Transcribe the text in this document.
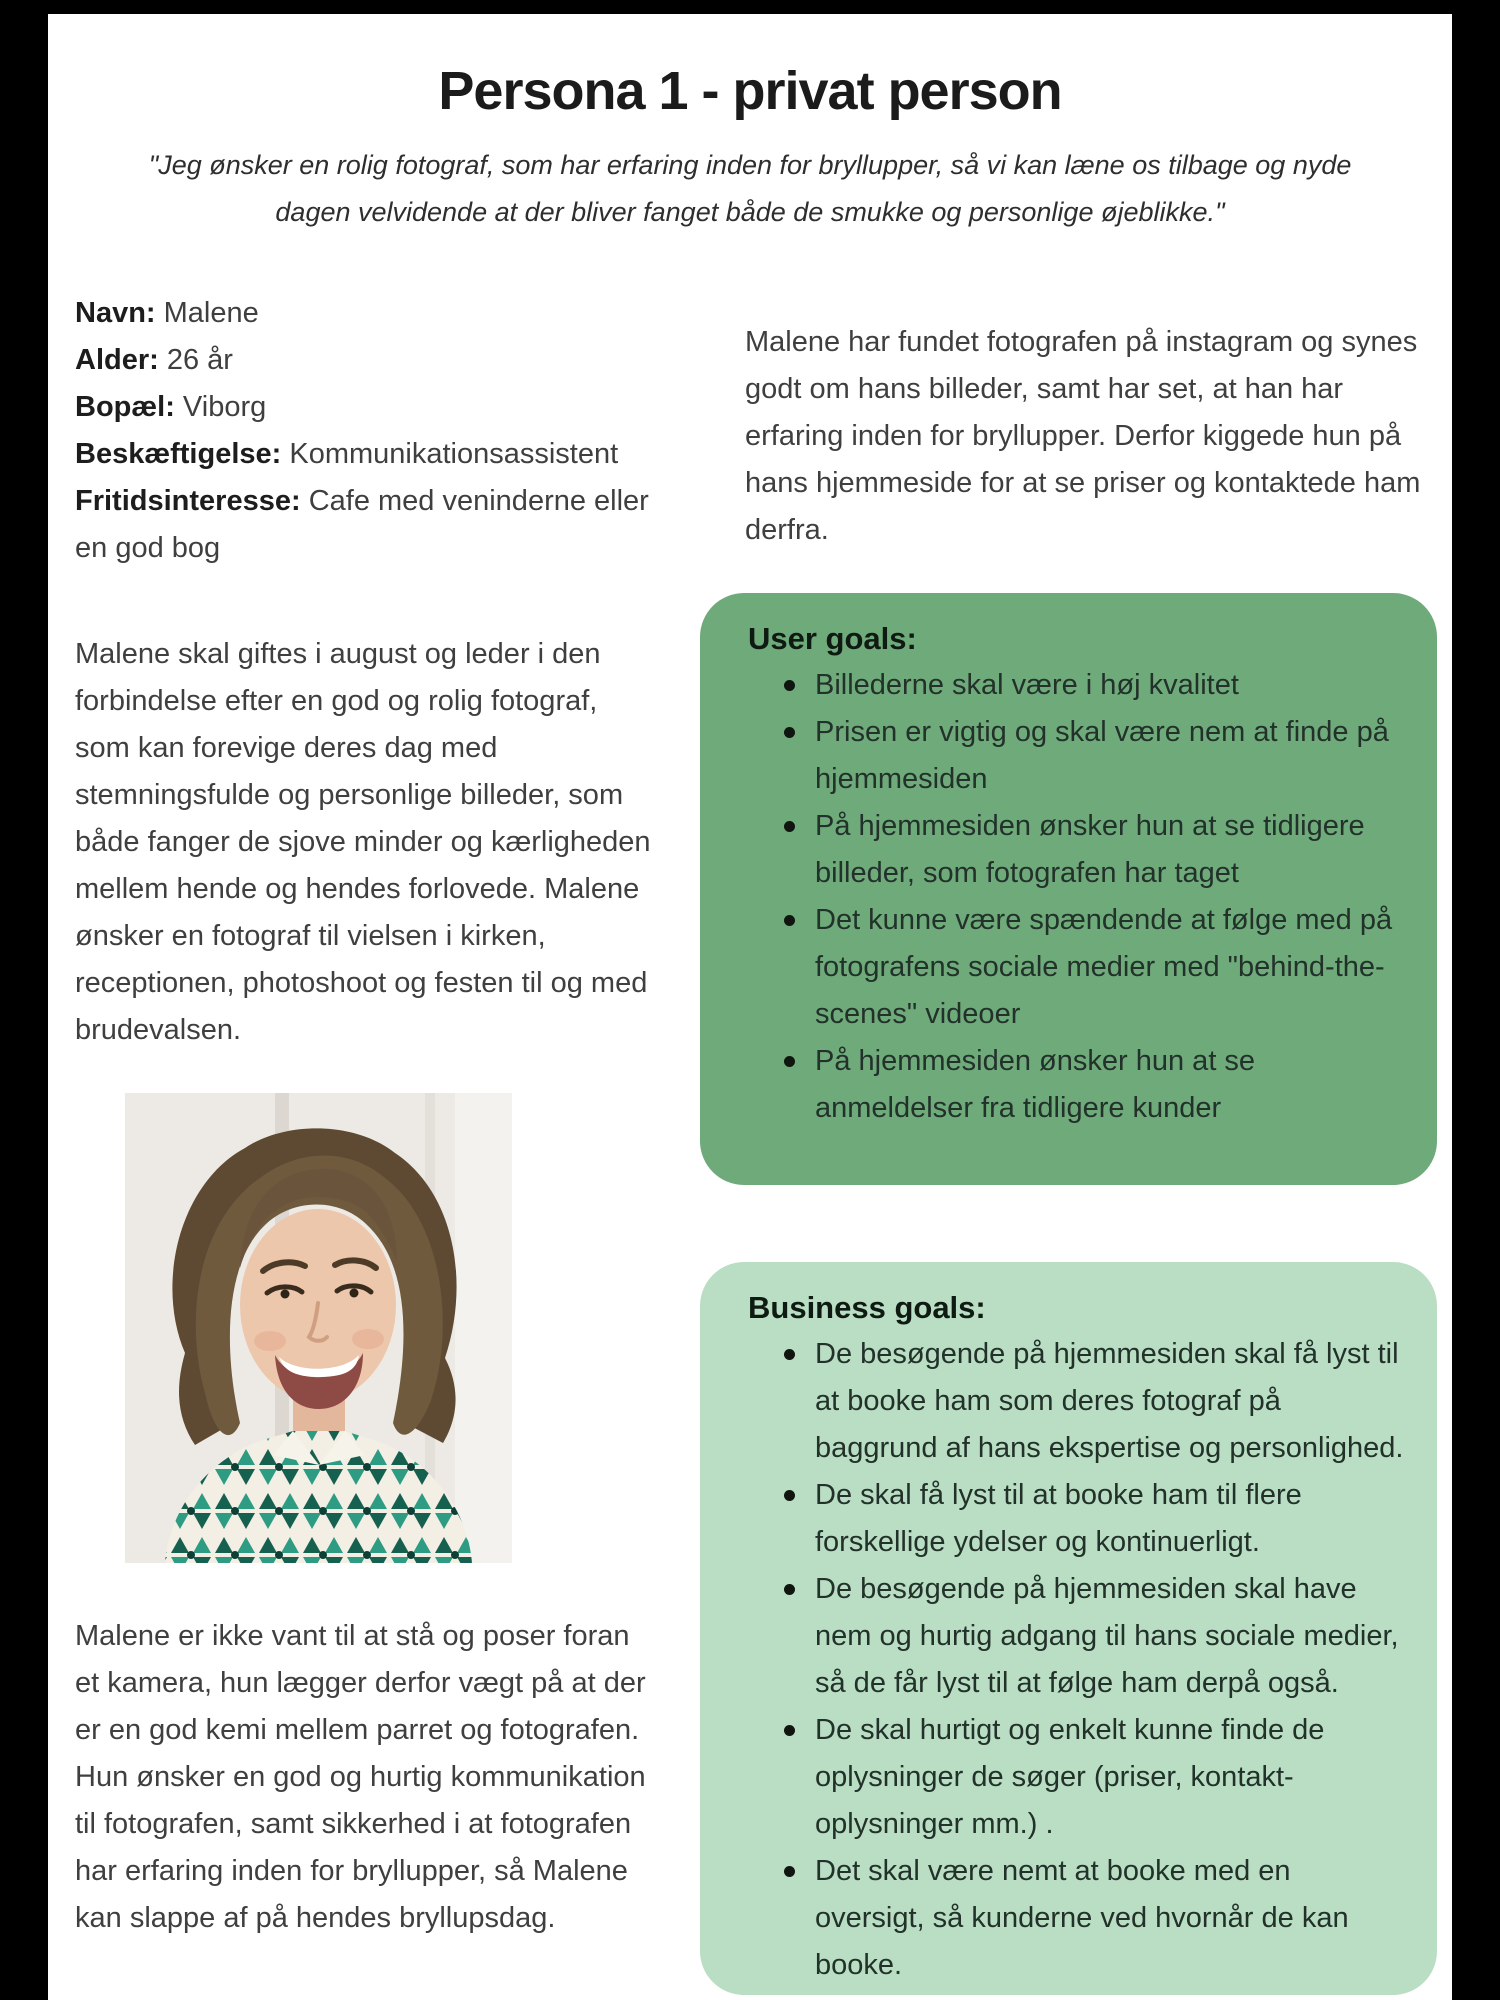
Persona 1 - privat person
"Jeg ønsker en rolig fotograf, som har erfaring inden for bryllupper, så vi kan læne os tilbage og nyde
dagen velvidende at der bliver fanget både de smukke og personlige øjeblikke."
Navn: Malene
Alder: 26 år
Bopæl: Viborg
Beskæftigelse: Kommunikationsassistent
Fritidsinteresse: Cafe med veninderne eller en god bog

Malene har fundet fotografen på instagram og synes godt om hans billeder, samt har set, at han har erfaring inden for bryllupper. Derfor kiggede hun på hans hjemmeside for at se priser og kontaktede ham derfra.

Malene skal giftes i august og leder i den forbindelse efter en god og rolig fotograf, som kan forevige deres dag med stemningsfulde og personlige billeder, som både fanger de sjove minder og kærligheden mellem hende og hendes forlovede. Malene ønsker en fotograf til vielsen i kirken, receptionen, photoshoot og festen til og med brudevalsen.

Malene er ikke vant til at stå og poser foran et kamera, hun lægger derfor vægt på at der er en god kemi mellem parret og fotografen. Hun ønsker en god og hurtig kommunikation til fotografen, samt sikkerhed i at fotografen har erfaring inden for bryllupper, så Malene kan slappe af på hendes bryllupsdag.

User goals:
Billederne skal være i høj kvalitet
Prisen er vigtig og skal være nem at finde på hjemmesiden
På hjemmesiden ønsker hun at se tidligere billeder, som fotografen har taget
Det kunne være spændende at følge med på fotografens sociale medier med "behind-the-scenes" videoer
På hjemmesiden ønsker hun at se anmeldelser fra tidligere kunder
Business goals:
De besøgende på hjemmesiden skal få lyst til at booke ham som deres fotograf på baggrund af hans ekspertise og personlighed.
De skal få lyst til at booke ham til flere forskellige ydelser og kontinuerligt.
De besøgende på hjemmesiden skal have nem og hurtig adgang til hans sociale medier, så de får lyst til at følge ham derpå også.
De skal hurtigt og enkelt kunne finde de oplysninger de søger (priser, kontakt-oplysninger mm.) .
Det skal være nemt at booke med en oversigt, så kunderne ved hvornår de kan booke.
